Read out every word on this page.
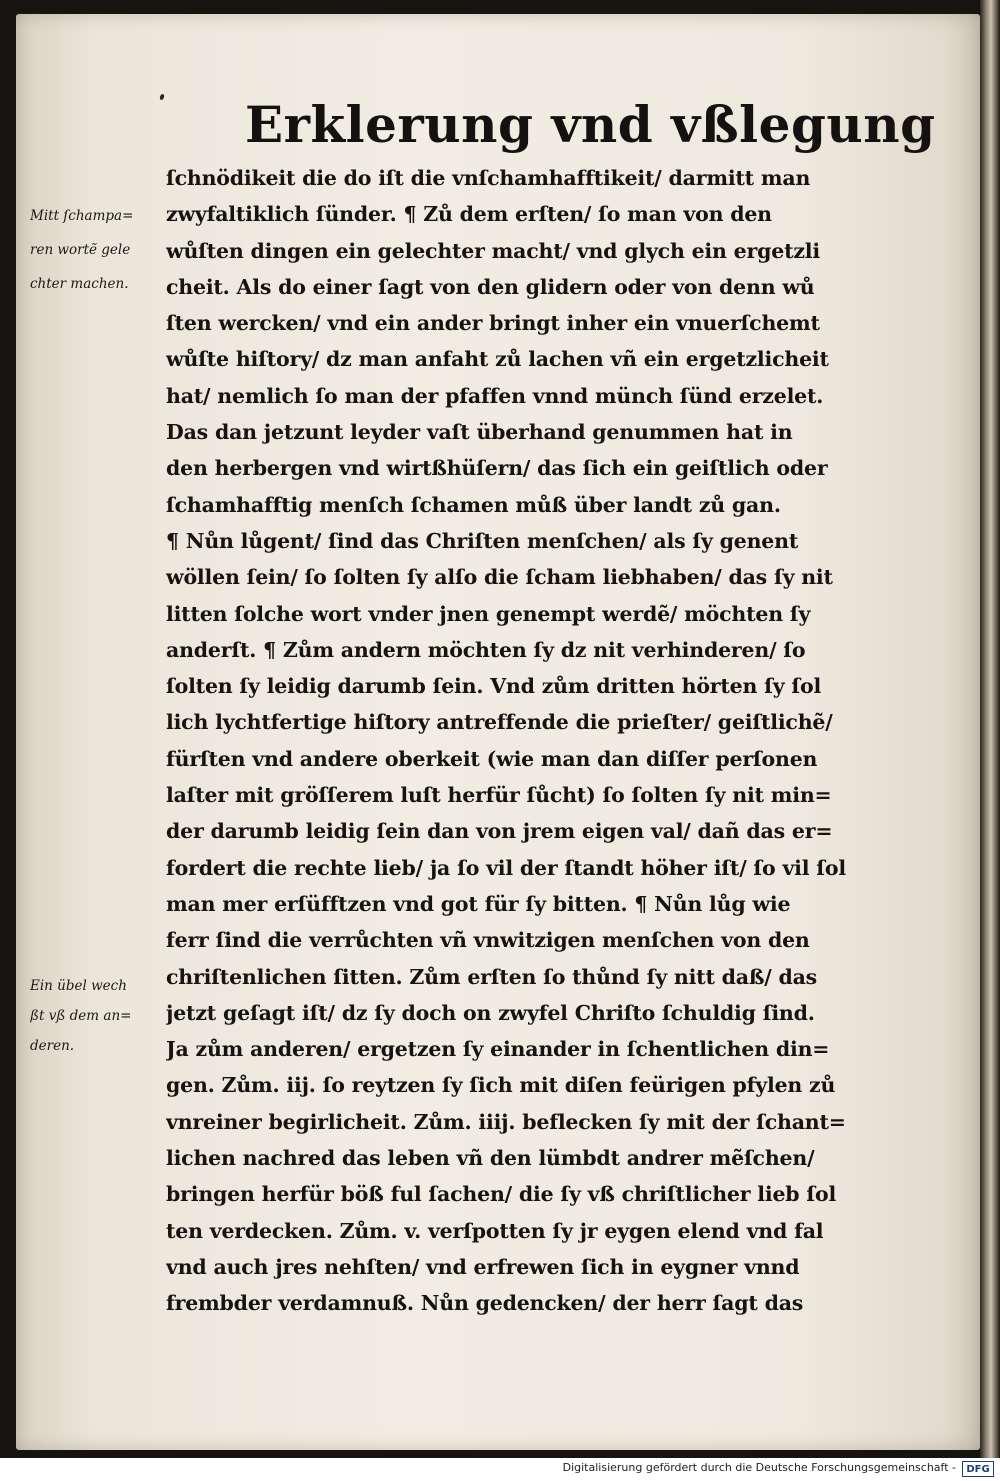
Erklerung vnd vßlegung
Mitt ſchampa=
ren wortẽ gele
chter machen.
Ein übel wech
ßt vß dem an=
deren.
ſchnödikeit die do iſt die vnſchamhafftikeit/ darmitt man
zwyfaltiklich ſünder. ¶ Zů dem erſten/ ſo man von den
wůſten dingen ein gelechter macht/ vnd glych ein ergetzli
cheit. Als do einer ſagt von den glidern oder von denn wů
ſten wercken/ vnd ein ander bringt inher ein vnuerſchemt
wůſte hiſtory/ dz man anfaht zů lachen vñ ein ergetzlicheit
hat/ nemlich ſo man der pfaffen vnnd münch ſünd erzelet.
Das dan jetzunt leyder vaſt überhand genummen hat in
den herbergen vnd wirtßhüſern/ das ſich ein geiſtlich oder
ſchamhafftig menſch ſchamen můß über landt zů gan.
¶ Nůn lůgent/ ſind das Chriſten menſchen/ als ſy genent
wöllen ſein/ ſo ſolten ſy alſo die ſcham liebhaben/ das ſy nit
litten ſolche wort vnder jnen genempt werdẽ/ möchten ſy
anderſt. ¶ Zům andern möchten ſy dz nit verhinderen/ ſo
ſolten ſy leidig darumb ſein. Vnd zům dritten hörten ſy ſol
lich lychtfertige hiſtory antreffende die prieſter/ geiſtlichẽ/
fürſten vnd andere oberkeit (wie man dan diſſer perſonen
laſter mit gröſſerem luſt herfür ſůcht) ſo ſolten ſy nit min=
der darumb leidig ſein dan von jrem eigen val/ dañ das er=
fordert die rechte lieb/ ja ſo vil der ſtandt höher iſt/ ſo vil ſol
man mer erſüfftzen vnd got für ſy bitten. ¶ Nůn lůg wie
ferr ſind die verrůchten vñ vnwitzigen menſchen von den
chriſtenlichen ſitten. Zům erſten ſo thůnd ſy nitt daß/ das
jetzt geſagt iſt/ dz ſy doch on zwyfel Chriſto ſchuldig ſind.
Ja zům anderen/ ergetzen ſy einander in ſchentlichen din=
gen. Zům. iij. ſo reytzen ſy ſich mit diſen feürigen pfylen zů
vnreiner begirlicheit. Zům. iiij. beflecken ſy mit der ſchant=
lichen nachred das leben vñ den lümbdt andrer mẽſchen/
bringen herfür böß ful ſachen/ die ſy vß chriſtlicher lieb ſol
ten verdecken. Zům. v. verſpotten ſy jr eygen elend vnd fal
vnd auch jres nehſten/ vnd erfrewen ſich in eygner vnnd
frembder verdamnuß. Nůn gedencken/ der herr ſagt das
Digitalisierung gefördert durch die Deutsche Forschungsgemeinschaft -	DFG
